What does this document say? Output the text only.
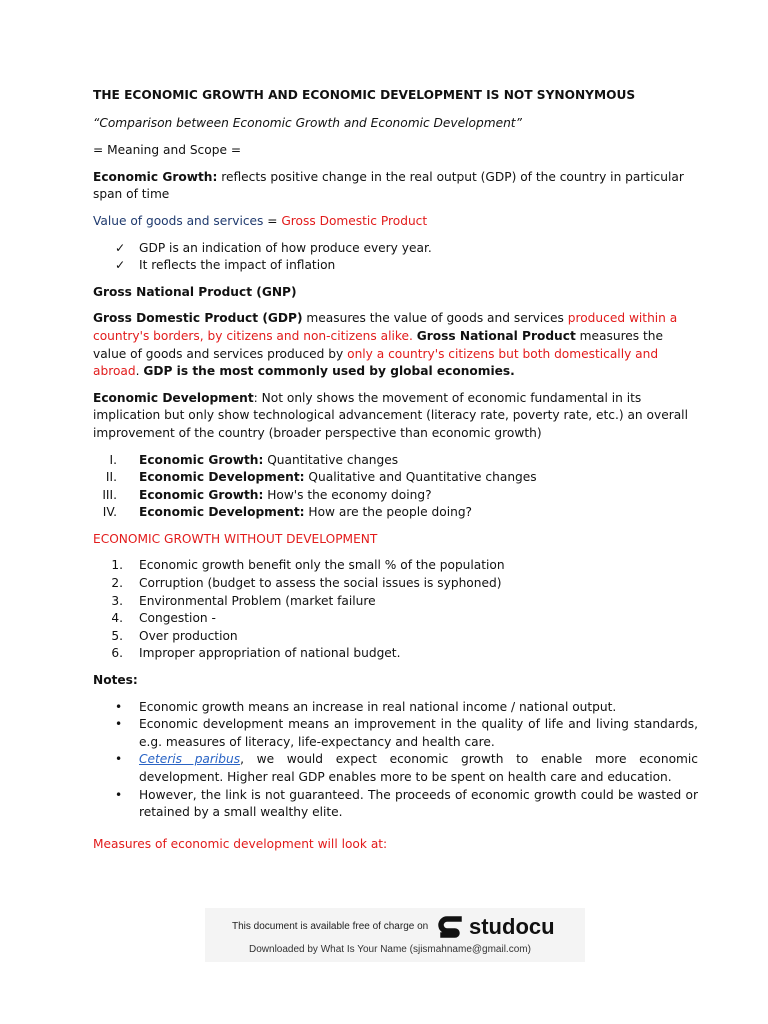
THE ECONOMIC GROWTH AND ECONOMIC DEVELOPMENT IS NOT SYNONYMOUS

“Comparison between Economic Growth and Economic Development”

= Meaning and Scope =

Economic Growth: reflects positive change in the real output (GDP) of the country in particular span of time

Value of goods and services = Gross Domestic Product

✓ GDP is an indication of how produce every year.
✓ It reflects the impact of inflation

Gross National Product (GNP)

Gross Domestic Product (GDP) measures the value of goods and services produced within a country's borders, by citizens and non-citizens alike. Gross National Product measures the value of goods and services produced by only a country's citizens but both domestically and abroad. GDP is the most commonly used by global economies.

Economic Development: Not only shows the movement of economic fundamental in its implication but only show technological advancement (literacy rate, poverty rate, etc.) an overall improvement of the country (broader perspective than economic growth)

I. Economic Growth: Quantitative changes
II. Economic Development: Qualitative and Quantitative changes
III. Economic Growth: How's the economy doing?
IV. Economic Development: How are the people doing?

ECONOMIC GROWTH WITHOUT DEVELOPMENT

1. Economic growth benefit only the small % of the population
2. Corruption (budget to assess the social issues is syphoned)
3. Environmental Problem (market failure
4. Congestion -
5. Over production
6. Improper appropriation of national budget.

Notes:

• Economic growth means an increase in real national income / national output.
• Economic development means an improvement in the quality of life and living standards, e.g. measures of literacy, life-expectancy and health care.
• Ceteris paribus, we would expect economic growth to enable more economic development. Higher real GDP enables more to be spent on health care and education.
• However, the link is not guaranteed. The proceeds of economic growth could be wasted or retained by a small wealthy elite.

Measures of economic development will look at:

This document is available free of charge on studocu
Downloaded by What Is Your Name (sjismahname@gmail.com)
